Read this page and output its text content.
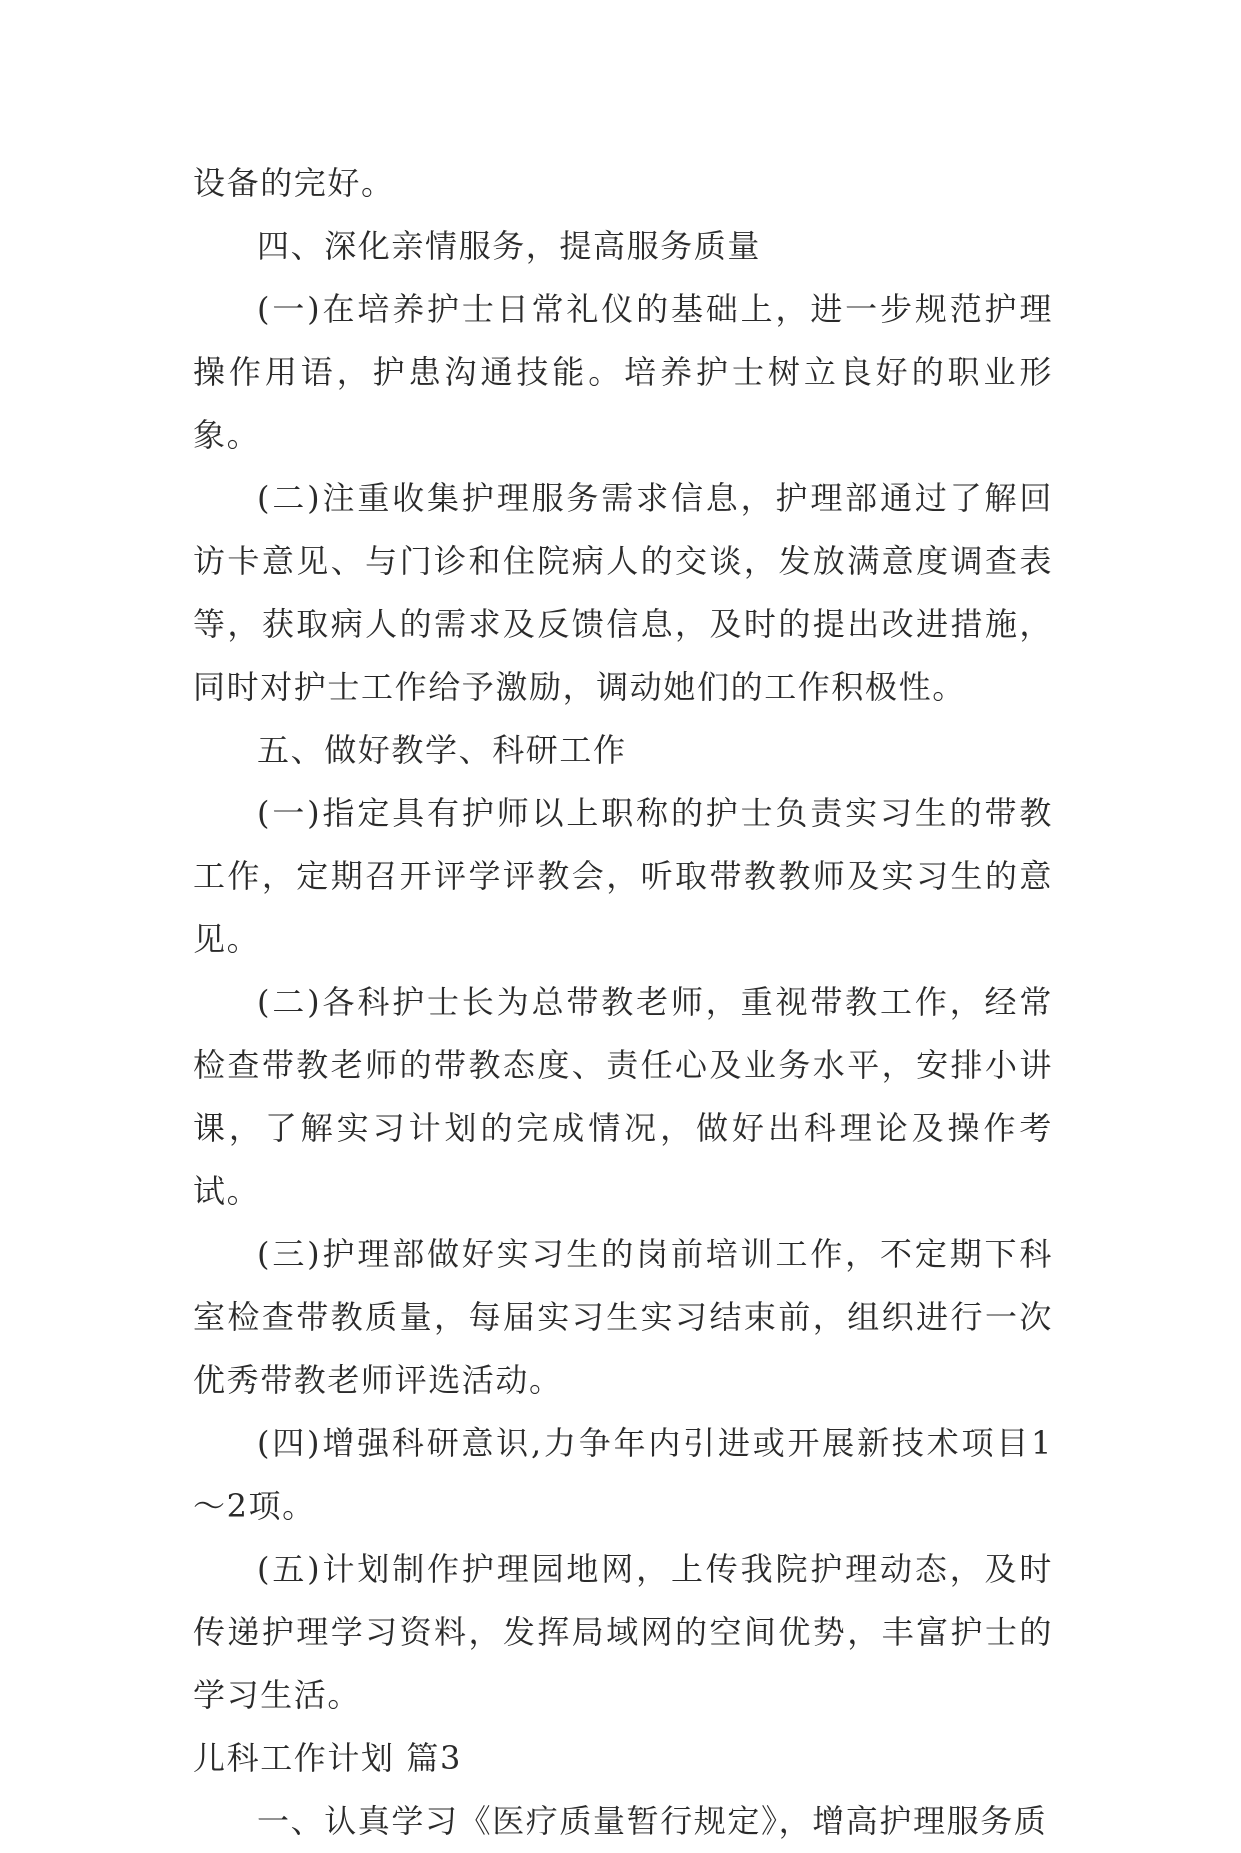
设备的完好。

四、深化亲情服务，提高服务质量

(一)在培养护士日常礼仪的基础上，进一步规范护理操作用语，护患沟通技能。培养护士树立良好的职业形象。

(二)注重收集护理服务需求信息，护理部通过了解回访卡意见、与门诊和住院病人的交谈，发放满意度调查表等，获取病人的需求及反馈信息，及时的提出改进措施，同时对护士工作给予激励，调动她们的工作积极性。

五、做好教学、科研工作

(一)指定具有护师以上职称的护士负责实习生的带教工作，定期召开评学评教会，听取带教教师及实习生的意见。

(二)各科护士长为总带教老师，重视带教工作，经常检查带教老师的带教态度、责任心及业务水平，安排小讲课，了解实习计划的完成情况，做好出科理论及操作考试。

(三)护理部做好实习生的岗前培训工作，不定期下科室检查带教质量，每届实习生实习结束前，组织进行一次优秀带教老师评选活动。

(四)增强科研意识,力争年内引进或开展新技术项目1～2项。

(五)计划制作护理园地网，上传我院护理动态，及时传递护理学习资料，发挥局域网的空间优势，丰富护士的学习生活。

儿科工作计划 篇3

一、认真学习《医疗质量暂行规定》，增高护理服务质
